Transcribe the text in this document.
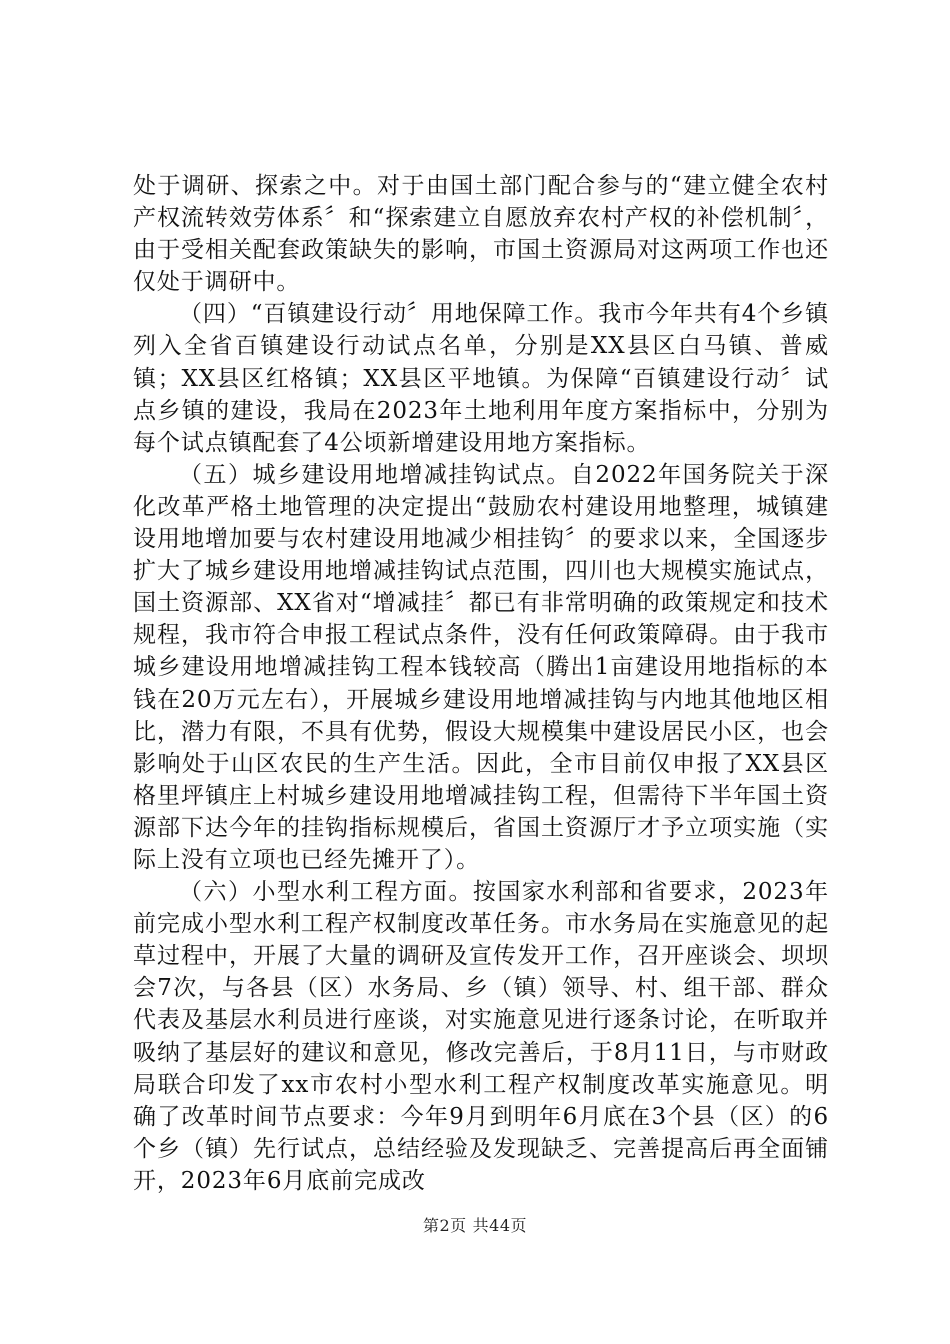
处于调研、探索之中。对于由国土部门配合参与的“建立健全农村产权流转效劳体系〞和“探索建立自愿放弃农村产权的补偿机制〞，由于受相关配套政策缺失的影响，市国土资源局对这两项工作也还仅处于调研中。

（四）“百镇建设行动〞用地保障工作。我市今年共有4个乡镇列入全省百镇建设行动试点名单，分别是XX县区白马镇、普威镇；XX县区红格镇；XX县区平地镇。为保障“百镇建设行动〞试点乡镇的建设，我局在2023年土地利用年度方案指标中，分别为每个试点镇配套了4公顷新增建设用地方案指标。

（五）城乡建设用地增减挂钩试点。自2022年国务院关于深化改革严格土地管理的决定提出“鼓励农村建设用地整理，城镇建设用地增加要与农村建设用地减少相挂钩〞的要求以来，全国逐步扩大了城乡建设用地增减挂钩试点范围，四川也大规模实施试点，国土资源部、XX省对“增减挂〞都已有非常明确的政策规定和技术规程，我市符合申报工程试点条件，没有任何政策障碍。由于我市城乡建设用地增减挂钩工程本钱较高（腾出1亩建设用地指标的本钱在20万元左右），开展城乡建设用地增减挂钩与内地其他地区相比，潜力有限，不具有优势，假设大规模集中建设居民小区，也会影响处于山区农民的生产生活。因此，全市目前仅申报了XX县区格里坪镇庄上村城乡建设用地增减挂钩工程，但需待下半年国土资源部下达今年的挂钩指标规模后，省国土资源厅才予立项实施（实际上没有立项也已经先摊开了）。

（六）小型水利工程方面。按国家水利部和省要求，2023年前完成小型水利工程产权制度改革任务。市水务局在实施意见的起草过程中，开展了大量的调研及宣传发开工作，召开座谈会、坝坝会7次，与各县（区）水务局、乡（镇）领导、村、组干部、群众代表及基层水利员进行座谈，对实施意见进行逐条讨论，在听取并吸纳了基层好的建议和意见，修改完善后，于8月11日，与市财政局联合印发了xx市农村小型水利工程产权制度改革实施意见。明确了改革时间节点要求：今年9月到明年6月底在3个县（区）的6个乡（镇）先行试点，总结经验及发现缺乏、完善提高后再全面铺开，2023年6月底前完成改

第2页 共44页
